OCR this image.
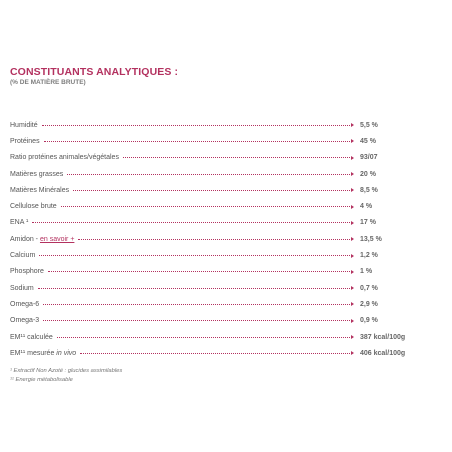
CONSTITUANTS ANALYTIQUES :

(% DE MATIÈRE BRUTE)

Humidité	5,5 %
Protéines	45 %
Ratio protéines animales/végétales	93/07
Matières grasses	20 %
Matières Minérales	8,5 %
Cellulose brute	4 %
ENA ¹	17 %
Amidon - en savoir +	13,5 %
Calcium	1,2 %
Phosphore	1 %
Sodium	0,7 %
Omega-6	2,9 %
Omega-3	0,9 %
EM¹¹ calculée	387 kcal/100g
EM¹¹ mesurée in vivo	406 kcal/100g
¹ Extractif Non Azoté : glucides assimilables
¹¹ Energie métabolisable
